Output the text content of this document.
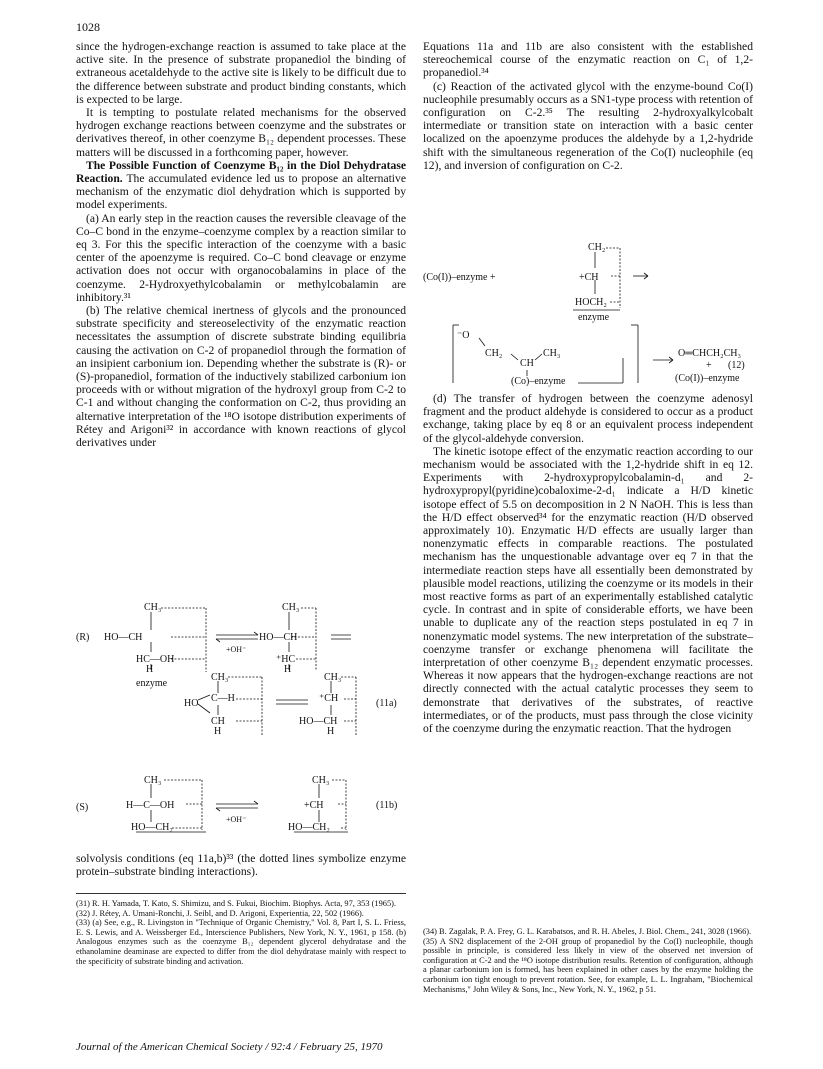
1028

since the hydrogen-exchange reaction is assumed to take place at the active site. In the presence of substrate propanediol the binding of extraneous acetaldehyde to the active site is likely to be difficult due to the difference between substrate and product binding constants, which is expected to be large.

It is tempting to postulate related mechanisms for the observed hydrogen exchange reactions between coenzyme and the substrates or derivatives thereof, in other coenzyme B₁₂ dependent processes. These matters will be discussed in a forthcoming paper, however.

The Possible Function of Coenzyme B₁₂ in the Diol Dehydratase Reaction. The accumulated evidence led us to propose an alternative mechanism of the enzymatic diol dehydration which is supported by model experiments.

(a) An early step in the reaction causes the reversible cleavage of the Co–C bond in the enzyme–coenzyme complex by a reaction similar to eq 3. For this the specific interaction of the coenzyme with a basic center of the apoenzyme is required. Co–C bond cleavage or enzyme activation does not occur with organocobalamins in place of the coenzyme. 2-Hydroxyethylcobalamin or methylcobalamin are inhibitory.³¹

(b) The relative chemical inertness of glycols and the pronounced substrate specificity and stereoselectivity of the enzymatic reaction necessitates the assumption of discrete substrate binding equilibria causing the activation on C-2 of propanediol through the formation of an insipient carbonium ion. Depending whether the substrate is (R)- or (S)-propanediol, formation of the inductively stabilized carbonium ion proceeds with or without migration of the hydroxyl group from C-2 to C-1 and without changing the conformation on C-2, thus providing an alternative interpretation of the ¹⁸O isotope distribution experiments of Rétey and Arigoni³² in accordance with known reactions of glycol derivatives under

(R)
CH₃
HO—CH
HC—OH
H
enzyme
+OH⁻
CH₃
HO—CH
⁺HC
H
CH₃
C—H
HO
CH
H
CH₃
⁺CH
HO—CH
H
(11a)
(S)
CH₃
H—C—OH
HO—CH₂
+OH⁻
CH₃
+CH
HO—CH₂
(11b)

solvolysis conditions (eq 11a,b)³³ (the dotted lines symbolize enzyme protein–substrate binding interactions).

Equations 11a and 11b are also consistent with the established stereochemical course of the enzymatic reaction on C₁ of 1,2-propanediol.³⁴

(c) Reaction of the activated glycol with the enzyme-bound Co(I) nucleophile presumably occurs as a SN1-type process with retention of configuration on C-2.³⁵ The resulting 2-hydroxyalkylcobalt intermediate or transition state on interaction with a basic center localized on the apoenzyme produces the aldehyde by a 1,2-hydride shift with the simultaneous regeneration of the Co(I) nucleophile (eq 12), and inversion of configuration on C-2.

(Co(I))–enzyme +
CH₂
+CH
HOCH₂
enzyme
⁻O
CH₂	CH₃
CH
(Co)–enzyme
O═CHCH₂CH₃
+
(Co(I))–enzyme
(12)

(d) The transfer of hydrogen between the coenzyme adenosyl fragment and the product aldehyde is considered to occur as a product exchange, taking place by eq 8 or an equivalent process independent of the glycol-aldehyde conversion.

The kinetic isotope effect of the enzymatic reaction according to our mechanism would be associated with the 1,2-hydride shift in eq 12. Experiments with 2-hydroxypropylcobalamin-d₁ and 2-hydroxypropyl(pyridine)cobaloxime-2-d₁ indicate a H/D kinetic isotope effect of 5.5 on decomposition in 2 N NaOH. This is less than the H/D effect observed³⁴ for the enzymatic reaction (H/D observed approximately 10). Enzymatic H/D effects are usually larger than nonenzymatic effects in comparable reactions. The postulated mechanism has the unquestionable advantage over eq 7 in that the intermediate reaction steps have all essentially been demonstrated by plausible model reactions, utilizing the coenzyme or its models in their most reactive forms as part of an experimentally established catalytic cycle. In contrast and in spite of considerable efforts, we have been unable to duplicate any of the reaction steps postulated in eq 7 in nonenzymatic model systems. The new interpretation of the substrate–coenzyme transfer or exchange phenomena will facilitate the interpretation of other coenzyme B₁₂ dependent enzymatic processes. Whereas it now appears that the hydrogen-exchange reactions are not directly connected with the actual catalytic processes they seem to demonstrate that derivatives of the substrates, of reactive intermediates, or of the products, must pass through the close vicinity of the coenzyme during the enzymatic reaction. That the hydrogen

(31) R. H. Yamada, T. Kato, S. Shimizu, and S. Fukui, Biochim. Biophys. Acta, 97, 353 (1965).
(32) J. Rétey, A. Umani-Ronchi, J. Seibl, and D. Arigoni, Experientia, 22, 502 (1966).
(33) (a) See, e.g., R. Livingston in "Technique of Organic Chemistry," Vol. 8, Part I, S. L. Friess, E. S. Lewis, and A. Weissberger Ed., Interscience Publishers, New York, N. Y., 1961, p 158. (b) Analogous enzymes such as the coenzyme B₁₂ dependent glycerol dehydratase and the ethanolamine deaminase are expected to differ from the diol dehydratase mainly with respect to the specificity of substrate binding and activation.
(34) B. Zagalak, P. A. Frey, G. L. Karabatsos, and R. H. Abeles, J. Biol. Chem., 241, 3028 (1966).
(35) A SN2 displacement of the 2-OH group of propanediol by the Co(I) nucleophile, though possible in principle, is considered less likely in view of the observed net inversion of configuration at C-2 and the ¹⁸O isotope distribution results. Retention of configuration, although a planar carbonium ion is formed, has been explained in other cases by the enzyme holding the carbonium ion tight enough to prevent rotation. See, for example, L. L. Ingraham, "Biochemical Mechanisms," John Wiley & Sons, Inc., New York, N. Y., 1962, p 51.
Journal of the American Chemical Society / 92:4 / February 25, 1970
